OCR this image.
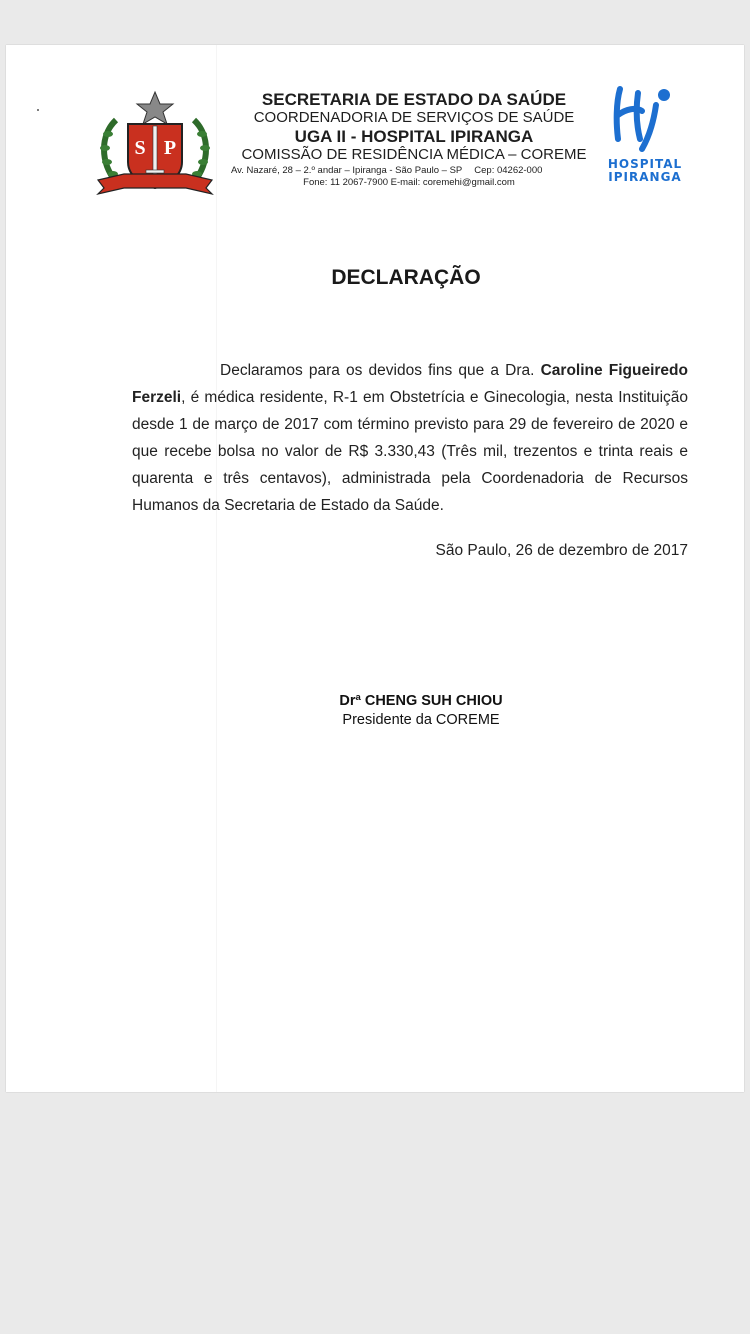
S P
SECRETARIA DE ESTADO DA SAÚDE
COORDENADORIA DE SERVIÇOS DE SAÚDE
UGA II - HOSPITAL IPIRANGA
COMISSÃO DE RESIDÊNCIA MÉDICA – COREME
Av. Nazaré, 28 – 2.º andar – Ipiranga - São Paulo – SP Cep: 04262-000
Fone: 11 2067-7900 E-mail: coremehi@gmail.com
HOSPITAL
IPIRANGA
DECLARAÇÃO
Declaramos para os devidos fins que a Dra. Caroline Figueiredo Ferzeli, é médica residente, R-1 em Obstetrícia e Ginecologia, nesta Instituição desde 1 de março de 2017 com término previsto para 29 de fevereiro de 2020 e que recebe bolsa no valor de R$ 3.330,43 (Três mil, trezentos e trinta reais e quarenta e três centavos), administrada pela Coordenadoria de Recursos Humanos da Secretaria de Estado da Saúde.
São Paulo, 26 de dezembro de 2017
Drª CHENG SUH CHIOU
Presidente da COREME
